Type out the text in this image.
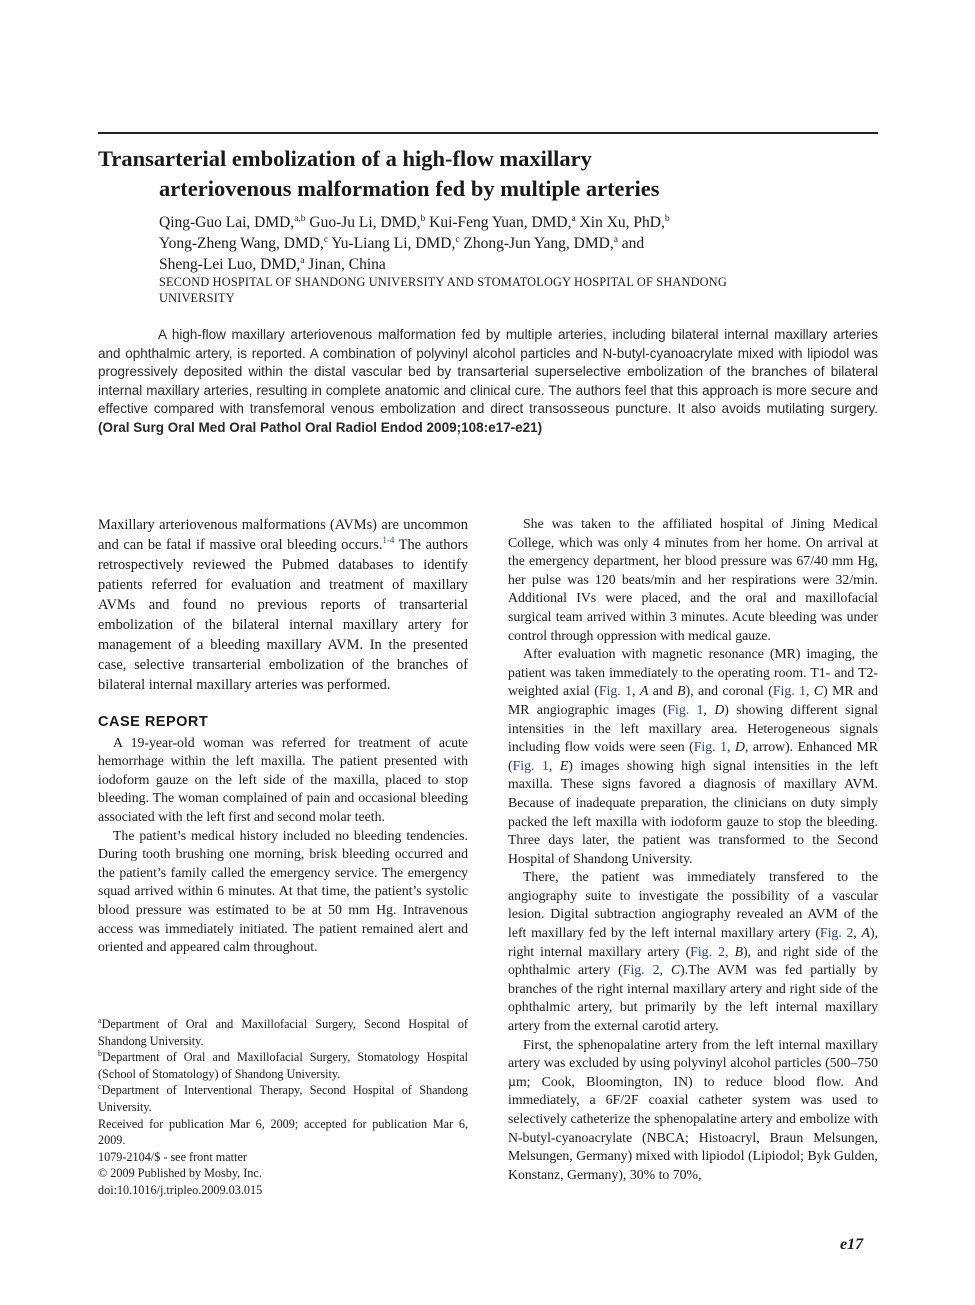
Transarterial embolization of a high-flow maxillary
arteriovenous malformation fed by multiple arteries
Qing-Guo Lai, DMD,$^{a,b}$ Guo-Ju Li, DMD,$^b$ Kui-Feng Yuan, DMD,$^a$ Xin Xu, PhD,$^b$
Yong-Zheng Wang, DMD,$^c$ Yu-Liang Li, DMD,$^c$ Zhong-Jun Yang, DMD,$^a$ and
Sheng-Lei Luo, DMD,$^a$ Jinan, China
SECOND HOSPITAL OF SHANDONG UNIVERSITY AND STOMATOLOGY HOSPITAL OF SHANDONG UNIVERSITY

A high-flow maxillary arteriovenous malformation fed by multiple arteries, including bilateral internal maxillary arteries and ophthalmic artery, is reported. A combination of polyvinyl alcohol particles and N-butyl-cyanoacrylate mixed with lipiodol was progressively deposited within the distal vascular bed by transarterial superselective embolization of the branches of bilateral internal maxillary arteries, resulting in complete anatomic and clinical cure. The authors feel that this approach is more secure and effective compared with transfemoral venous embolization and direct transosseous puncture. It also avoids mutilating surgery. (Oral Surg Oral Med Oral Pathol Oral Radiol Endod 2009;108:e17-e21)

Maxillary arteriovenous malformations (AVMs) are uncommon and can be fatal if massive oral bleeding occurs.$^{1-4}$ The authors retrospectively reviewed the Pubmed databases to identify patients referred for evaluation and treatment of maxillary AVMs and found no previous reports of transarterial embolization of the bilateral internal maxillary artery for management of a bleeding maxillary AVM. In the presented case, selective transarterial embolization of the branches of bilateral internal maxillary arteries was performed.

CASE REPORT

A 19-year-old woman was referred for treatment of acute hemorrhage within the left maxilla. The patient presented with iodoform gauze on the left side of the maxilla, placed to stop bleeding. The woman complained of pain and occasional bleeding associated with the left first and second molar teeth.

The patient’s medical history included no bleeding tendencies. During tooth brushing one morning, brisk bleeding occurred and the patient’s family called the emergency service. The emergency squad arrived within 6 minutes. At that time, the patient’s systolic blood pressure was estimated to be at 50 mm Hg. Intravenous access was immediately initiated. The patient remained alert and oriented and appeared calm throughout.

$^a$Department of Oral and Maxillofacial Surgery, Second Hospital of Shandong University.

$^b$Department of Oral and Maxillofacial Surgery, Stomatology Hospital (School of Stomatology) of Shandong University.

$^c$Department of Interventional Therapy, Second Hospital of Shandong University.

Received for publication Mar 6, 2009; accepted for publication Mar 6, 2009.

1079-2104/$ - see front matter

© 2009 Published by Mosby, Inc.

doi:10.1016/j.tripleo.2009.03.015

She was taken to the affiliated hospital of Jining Medical College, which was only 4 minutes from her home. On arrival at the emergency department, her blood pressure was 67/40 mm Hg, her pulse was 120 beats/min and her respirations were 32/min. Additional IVs were placed, and the oral and maxillofacial surgical team arrived within 3 minutes. Acute bleeding was under control through oppression with medical gauze.

After evaluation with magnetic resonance (MR) imaging, the patient was taken immediately to the operating room. T1- and T2-weighted axial (Fig. 1, A and B), and coronal (Fig. 1, C) MR and MR angiographic images (Fig. 1, D) showing different signal intensities in the left maxillary area. Heterogeneous signals including flow voids were seen (Fig. 1, D, arrow). Enhanced MR (Fig. 1, E) images showing high signal intensities in the left maxilla. These signs favored a diagnosis of maxillary AVM. Because of inadequate preparation, the clinicians on duty simply packed the left maxilla with iodoform gauze to stop the bleeding. Three days later, the patient was transformed to the Second Hospital of Shandong University.

There, the patient was immediately transfered to the angiography suite to investigate the possibility of a vascular lesion. Digital subtraction angiography revealed an AVM of the left maxillary fed by the left internal maxillary artery (Fig. 2, A), right internal maxillary artery (Fig. 2, B), and right side of the ophthalmic artery (Fig. 2, C).The AVM was fed partially by branches of the right internal maxillary artery and right side of the ophthalmic artery, but primarily by the left internal maxillary artery from the external carotid artery.

First, the sphenopalatine artery from the left internal maxillary artery was excluded by using polyvinyl alcohol particles (500–750 µm; Cook, Bloomington, IN) to reduce blood flow. And immediately, a 6F/2F coaxial catheter system was used to selectively catheterize the sphenopalatine artery and embolize with N-butyl-cyanoacrylate (NBCA; Histoacryl, Braun Melsungen, Melsungen, Germany) mixed with lipiodol (Lipiodol; Byk Gulden, Konstanz, Germany), 30% to 70%,

e17
